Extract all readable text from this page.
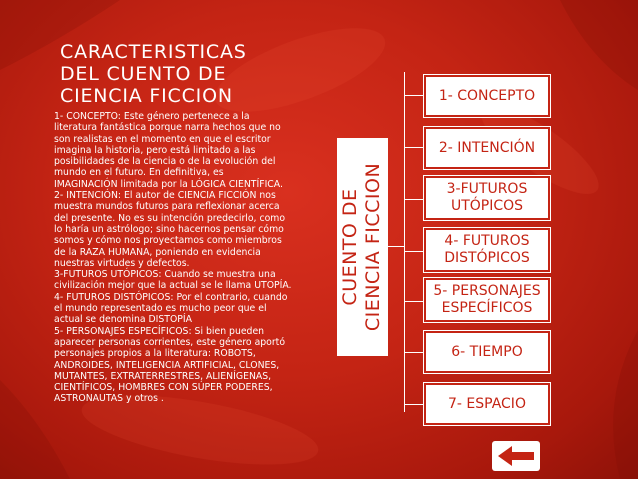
CARACTERISTICAS
DEL CUENTO DE
CIENCIA FICCION
1- CONCEPTO: Este género pertenece a la
literatura fantástica porque narra hechos que no
son realistas en el momento en que el escritor
imagina la historia, pero está limitado a las
posibilidades de la ciencia o de la evolución del
mundo en el futuro. En definitiva, es
IMAGINACIÓN limitada por la LÓGICA CIENTÍFICA.
2- INTENCIÓN: El autor de CIENCIA FICCIÓN nos
muestra mundos futuros para reflexionar acerca
del presente. No es su intención predecirlo, como
lo haría un astrólogo; sino hacernos pensar cómo
somos y cómo nos proyectamos como miembros
de la RAZA HUMANA, poniendo en evidencia
nuestras virtudes y defectos.
3-FUTUROS UTÓPICOS: Cuando se muestra una
civilización mejor que la actual se le llama UTOPÍA.
4- FUTUROS DISTÓPICOS: Por el contrario, cuando
el mundo representado es mucho peor que el
actual se denomina DISTOPÍA
5- PERSONAJES ESPECÍFICOS: Si bien pueden
aparecer personas corrientes, este género aportó
personajes propios a la literatura: ROBOTS,
ANDROIDES, INTELIGENCIA ARTIFICIAL, CLONES,
MUTANTES, EXTRATERRESTRES, ALIENÍGENAS,
CIENTÍFICOS, HOMBRES CON SÚPER PODERES,
ASTRONAUTAS y otros .
CUENTO DE
CIENCIA FICCION
1- CONCEPTO
2- INTENCIÓN
3-FUTUROS
UTÓPICOS
4- FUTUROS
DISTÓPICOS
5- PERSONAJES
ESPECÍFICOS
6- TIEMPO
7- ESPACIO
